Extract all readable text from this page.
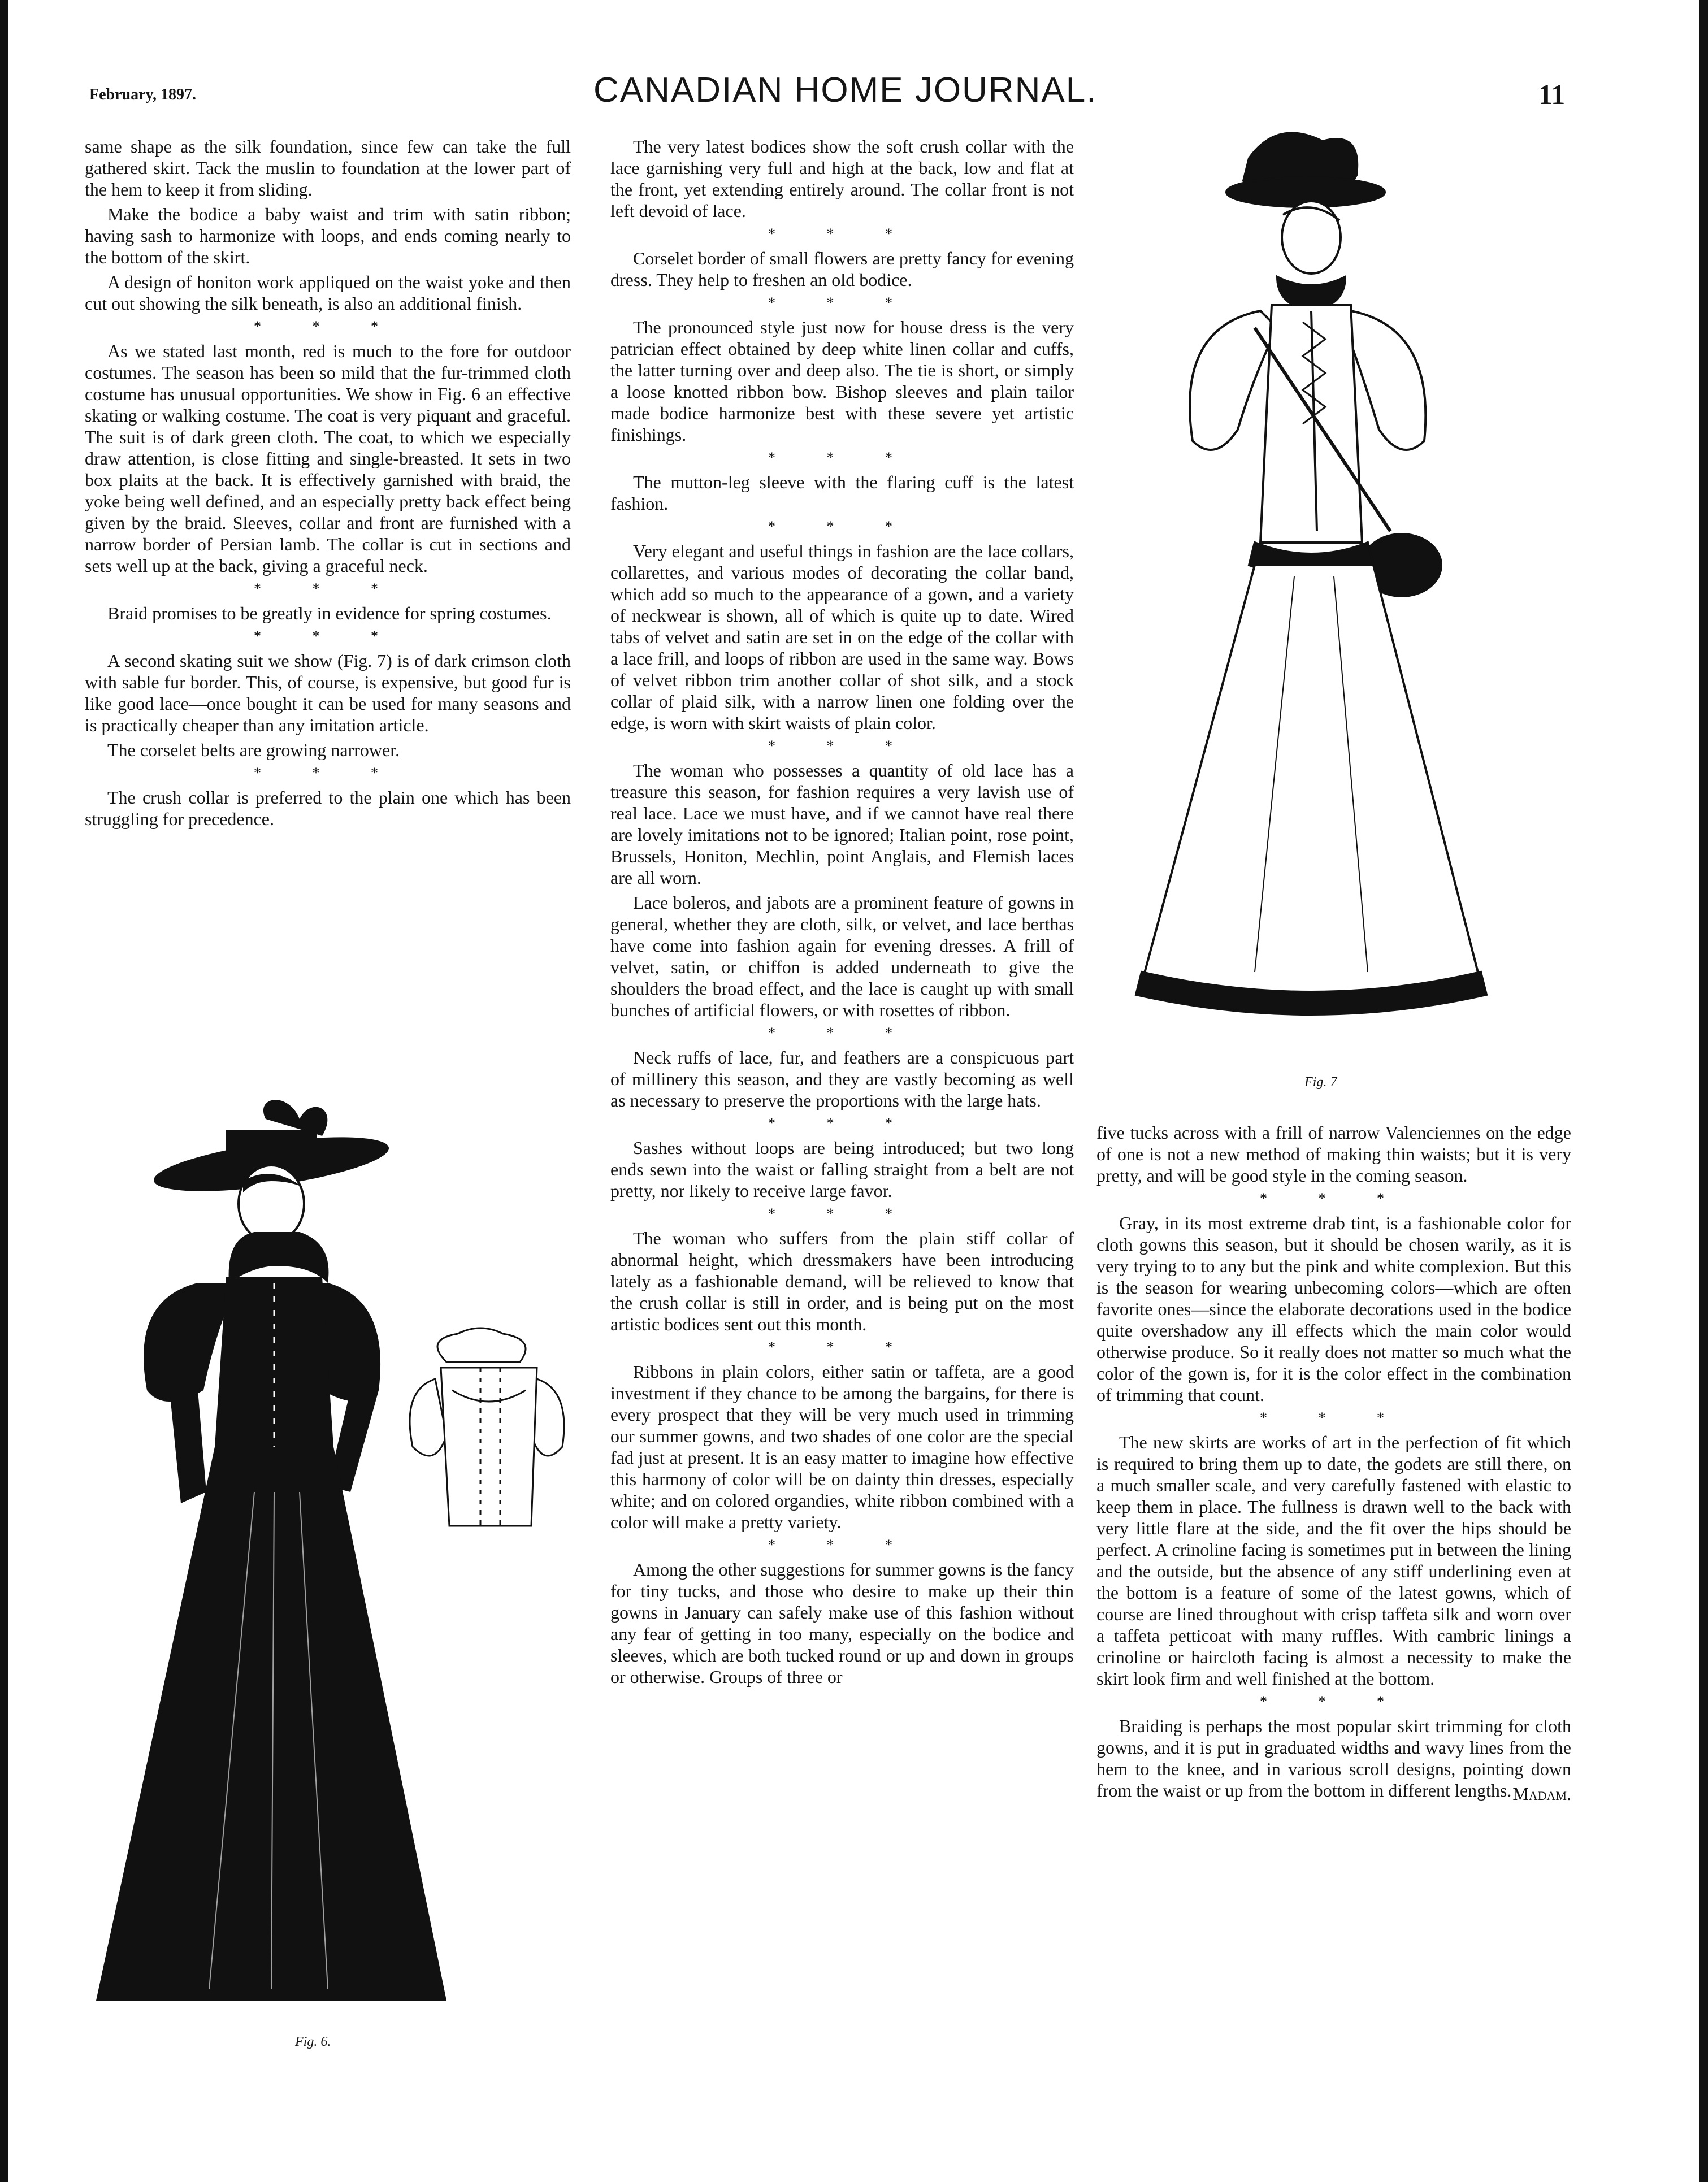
February, 1897.	CANADIAN HOME JOURNAL.	11

same shape as the silk foundation, since few can take the full gathered skirt. Tack the muslin to foundation at the lower part of the hem to keep it from sliding.

Make the bodice a baby waist and trim with satin ribbon; having sash to harmonize with loops, and ends coming nearly to the bottom of the skirt.

A design of honiton work appliqued on the waist yoke and then cut out showing the silk beneath, is also an additional finish.

* * *

As we stated last month, red is much to the fore for outdoor costumes. The season has been so mild that the fur-trimmed cloth costume has unusual opportunities. We show in Fig. 6 an effective skating or walking costume. The coat is very piquant and graceful. The suit is of dark green cloth. The coat, to which we especially draw attention, is close fitting and single-breasted. It sets in two box plaits at the back. It is effectively garnished with braid, the yoke being well defined, and an especially pretty back effect being given by the braid. Sleeves, collar and front are furnished with a narrow border of Persian lamb. The collar is cut in sections and sets well up at the back, giving a graceful neck.

* * *

Braid promises to be greatly in evidence for spring costumes.

* * *

A second skating suit we show (Fig. 7) is of dark crimson cloth with sable fur border. This, of course, is expensive, but good fur is like good lace—once bought it can be used for many seasons and is practically cheaper than any imitation article.

The corselet belts are growing narrower.

* * *

The crush collar is preferred to the plain one which has been struggling for precedence.

Fig. 6.

The very latest bodices show the soft crush collar with the lace garnishing very full and high at the back, low and flat at the front, yet extending entirely around. The collar front is not left devoid of lace.

* * *

Corselet border of small flowers are pretty fancy for evening dress. They help to freshen an old bodice.

* * *

The pronounced style just now for house dress is the very patrician effect obtained by deep white linen collar and cuffs, the latter turning over and deep also. The tie is short, or simply a loose knotted ribbon bow. Bishop sleeves and plain tailor made bodice harmonize best with these severe yet artistic finishings.

* * *

The mutton-leg sleeve with the flaring cuff is the latest fashion.

* * *

Very elegant and useful things in fashion are the lace collars, collarettes, and various modes of decorating the collar band, which add so much to the appearance of a gown, and a variety of neckwear is shown, all of which is quite up to date. Wired tabs of velvet and satin are set in on the edge of the collar with a lace frill, and loops of ribbon are used in the same way. Bows of velvet ribbon trim another collar of shot silk, and a stock collar of plaid silk, with a narrow linen one folding over the edge, is worn with skirt waists of plain color.

* * *

The woman who possesses a quantity of old lace has a treasure this season, for fashion requires a very lavish use of real lace. Lace we must have, and if we cannot have real there are lovely imitations not to be ignored; Italian point, rose point, Brussels, Honiton, Mechlin, point Anglais, and Flemish laces are all worn.

Lace boleros, and jabots are a prominent feature of gowns in general, whether they are cloth, silk, or velvet, and lace berthas have come into fashion again for evening dresses. A frill of velvet, satin, or chiffon is added underneath to give the shoulders the broad effect, and the lace is caught up with small bunches of artificial flowers, or with rosettes of ribbon.

* * *

Neck ruffs of lace, fur, and feathers are a conspicuous part of millinery this season, and they are vastly becoming as well as necessary to preserve the proportions with the large hats.

* * *

Sashes without loops are being introduced; but two long ends sewn into the waist or falling straight from a belt are not pretty, nor likely to receive large favor.

* * *

The woman who suffers from the plain stiff collar of abnormal height, which dressmakers have been introducing lately as a fashionable demand, will be relieved to know that the crush collar is still in order, and is being put on the most artistic bodices sent out this month.

* * *

Ribbons in plain colors, either satin or taffeta, are a good investment if they chance to be among the bargains, for there is every prospect that they will be very much used in trimming our summer gowns, and two shades of one color are the special fad just at present. It is an easy matter to imagine how effective this harmony of color will be on dainty thin dresses, especially white; and on colored organdies, white ribbon combined with a color will make a pretty variety.

* * *

Among the other suggestions for summer gowns is the fancy for tiny tucks, and those who desire to make up their thin gowns in January can safely make use of this fashion without any fear of getting in too many, especially on the bodice and sleeves, which are both tucked round or up and down in groups or otherwise. Groups of three or

Fig. 7

five tucks across with a frill of narrow Valenciennes on the edge of one is not a new method of making thin waists; but it is very pretty, and will be good style in the coming season.

* * *

Gray, in its most extreme drab tint, is a fashionable color for cloth gowns this season, but it should be chosen warily, as it is very trying to to any but the pink and white complexion. But this is the season for wearing unbecoming colors—which are often favorite ones—since the elaborate decorations used in the bodice quite overshadow any ill effects which the main color would otherwise produce. So it really does not matter so much what the color of the gown is, for it is the color effect in the combination of trimming that count.

* * *

The new skirts are works of art in the perfection of fit which is required to bring them up to date, the godets are still there, on a much smaller scale, and very carefully fastened with elastic to keep them in place. The fullness is drawn well to the back with very little flare at the side, and the fit over the hips should be perfect. A crinoline facing is sometimes put in between the lining and the outside, but the absence of any stiff underlining even at the bottom is a feature of some of the latest gowns, which of course are lined throughout with crisp taffeta silk and worn over a taffeta petticoat with many ruffles. With cambric linings a crinoline or haircloth facing is almost a necessity to make the skirt look firm and well finished at the bottom.

* * *

Braiding is perhaps the most popular skirt trimming for cloth gowns, and it is put in graduated widths and wavy lines from the hem to the knee, and in various scroll designs, pointing down from the waist or up from the bottom in different lengths. Madam.
